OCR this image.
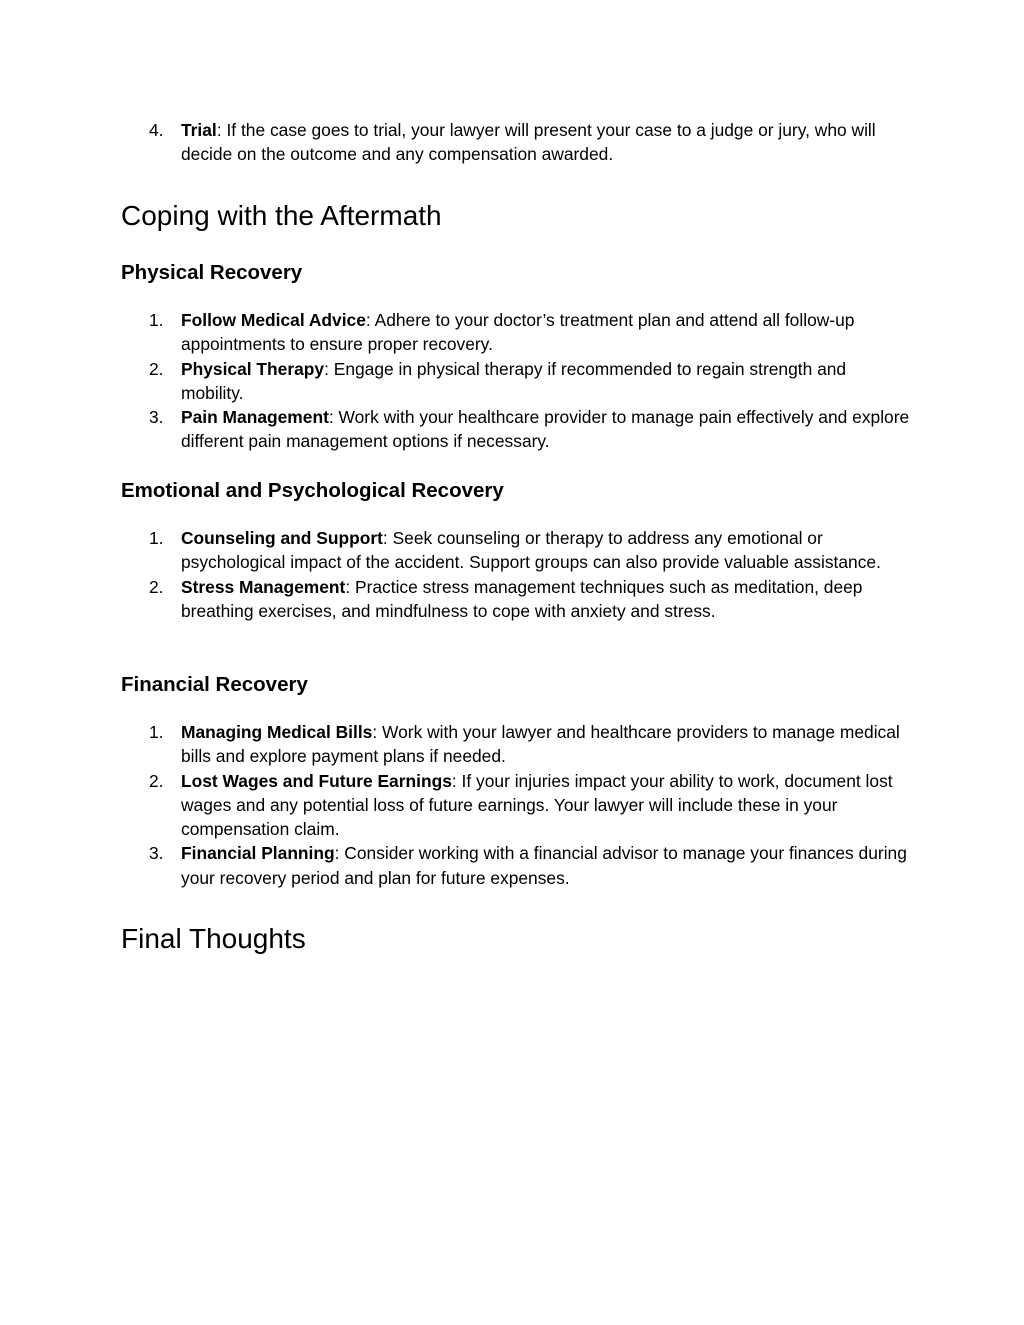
4.	Trial: If the case goes to trial, your lawyer will present your case to a judge or jury, who will decide on the outcome and any compensation awarded.
Coping with the Aftermath
Physical Recovery
1.	Follow Medical Advice: Adhere to your doctor’s treatment plan and attend all follow-up appointments to ensure proper recovery.
2.	Physical Therapy: Engage in physical therapy if recommended to regain strength and mobility.
3.	Pain Management: Work with your healthcare provider to manage pain effectively and explore different pain management options if necessary.
Emotional and Psychological Recovery
1.	Counseling and Support: Seek counseling or therapy to address any emotional or psychological impact of the accident. Support groups can also provide valuable assistance.
2.	Stress Management: Practice stress management techniques such as meditation, deep breathing exercises, and mindfulness to cope with anxiety and stress.
Financial Recovery
1.	Managing Medical Bills: Work with your lawyer and healthcare providers to manage medical bills and explore payment plans if needed.
2.	Lost Wages and Future Earnings: If your injuries impact your ability to work, document lost wages and any potential loss of future earnings. Your lawyer will include these in your compensation claim.
3.	Financial Planning: Consider working with a financial advisor to manage your finances during your recovery period and plan for future expenses.
Final Thoughts
